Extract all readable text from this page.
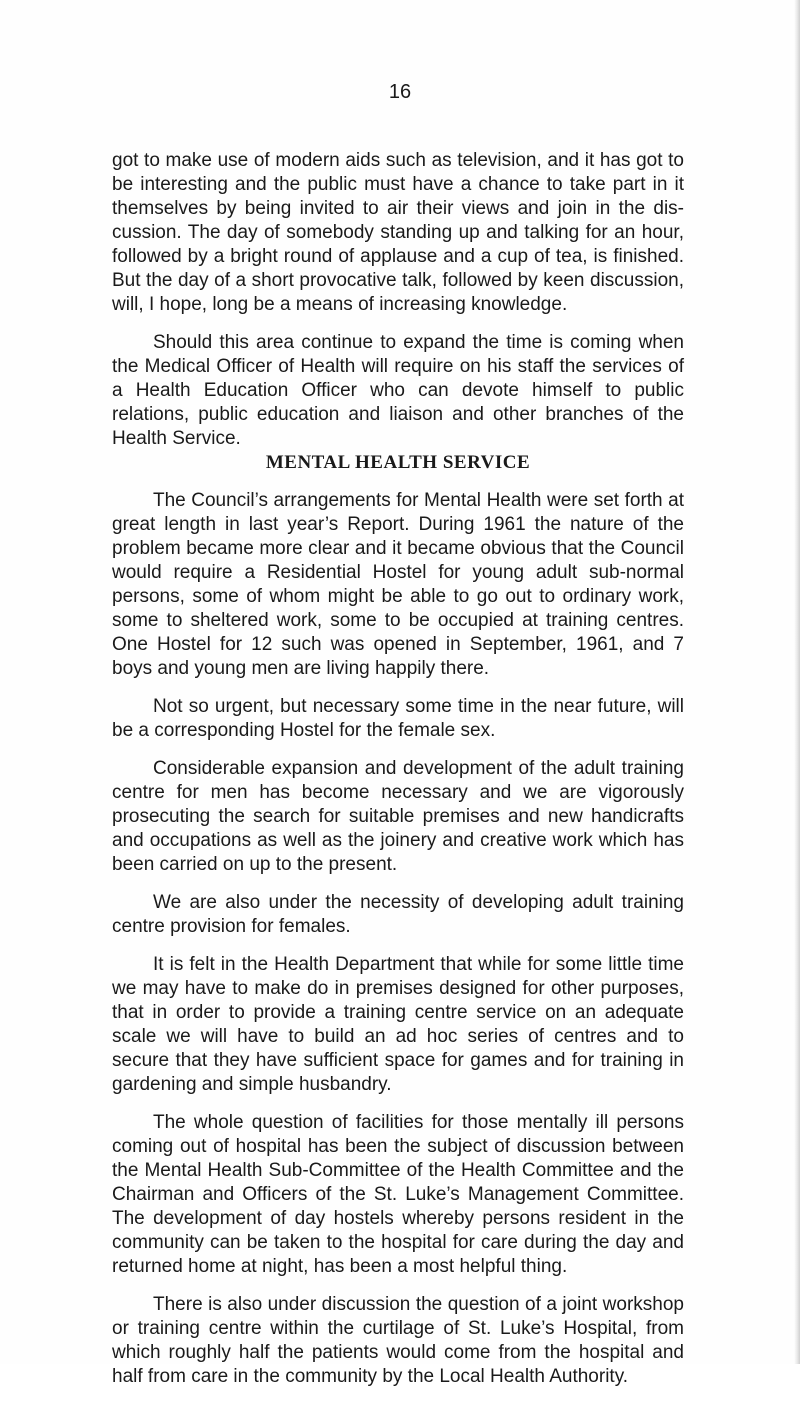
16

got to make use of modern aids such as television, and it has got to be interesting and the public must have a chance to take part in it themselves by being invited to air their views and join in the discussion. The day of somebody standing up and talking for an hour, followed by a bright round of applause and a cup of tea, is finished. But the day of a short provocative talk, followed by keen discussion, will, I hope, long be a means of increasing knowledge.

Should this area continue to expand the time is coming when the Medical Officer of Health will require on his staff the services of a Health Education Officer who can devote himself to public relations, public education and liaison and other branches of the Health Service.

MENTAL HEALTH SERVICE

The Council’s arrangements for Mental Health were set forth at great length in last year’s Report. During 1961 the nature of the problem became more clear and it became obvious that the Council would require a Residential Hostel for young adult sub-normal persons, some of whom might be able to go out to ordinary work, some to sheltered work, some to be occupied at training centres. One Hostel for 12 such was opened in September, 1961, and 7 boys and young men are living happily there.

Not so urgent, but necessary some time in the near future, will be a corresponding Hostel for the female sex.

Considerable expansion and development of the adult training centre for men has become necessary and we are vigorously prosecuting the search for suitable premises and new handicrafts and occupations as well as the joinery and creative work which has been carried on up to the present.

We are also under the necessity of developing adult training centre provision for females.

It is felt in the Health Department that while for some little time we may have to make do in premises designed for other purposes, that in order to provide a training centre service on an adequate scale we will have to build an ad hoc series of centres and to secure that they have sufficient space for games and for training in gardening and simple husbandry.

The whole question of facilities for those mentally ill persons coming out of hospital has been the subject of discussion between the Mental Health Sub-Committee of the Health Committee and the Chairman and Officers of the St. Luke’s Management Committee. The development of day hostels whereby persons resident in the community can be taken to the hospital for care during the day and returned home at night, has been a most helpful thing.

There is also under discussion the question of a joint workshop or training centre within the curtilage of St. Luke’s Hospital, from which roughly half the patients would come from the hospital and half from care in the community by the Local Health Authority.
